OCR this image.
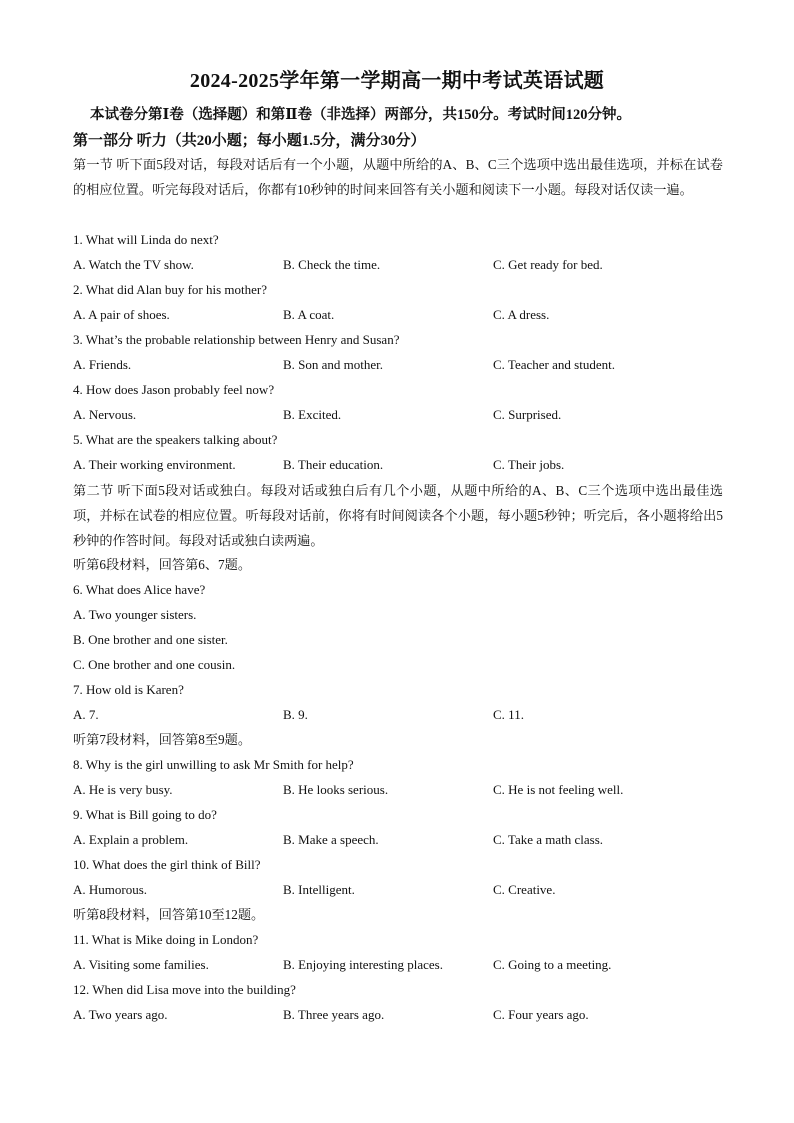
2024-2025学年第一学期高一期中考试英语试题
本试卷分第Ⅰ卷（选择题）和第Ⅱ卷（非选择）两部分，共150分。考试时间120分钟。
第一部分 听力（共20小题；每小题1.5分，满分30分）
第一节 听下面5段对话，每段对话后有一个小题，从题中所给的A、B、C三个选项中选出最佳选项，并标在试卷的相应位置。听完每段对话后，你都有10秒钟的时间来回答有关小题和阅读下一小题。每段对话仅读一遍。
1. What will Linda do next?
A. Watch the TV show.	B. Check the time.	C. Get ready for bed.
2. What did Alan buy for his mother?
A. A pair of shoes.	B. A coat.	C. A dress.
3. What’s the probable relationship between Henry and Susan?
A. Friends.	B. Son and mother.	C. Teacher and student.
4. How does Jason probably feel now?
A. Nervous.	B. Excited.	C. Surprised.
5. What are the speakers talking about?
A. Their working environment.	B. Their education.	C. Their jobs.
第二节 听下面5段对话或独白。每段对话或独白后有几个小题，从题中所给的A、B、C三个选项中选出最佳选项，并标在试卷的相应位置。听每段对话前，你将有时间阅读各个小题，每小题5秒钟；听完后，各小题将给出5秒钟的作答时间。每段对话或独白读两遍。
听第6段材料，回答第6、7题。
6. What does Alice have?
A. Two younger sisters.
B. One brother and one sister.
C. One brother and one cousin.
7. How old is Karen?
A. 7.	B. 9.	C. 11.
听第7段材料，回答第8至9题。
8. Why is the girl unwilling to ask Mr Smith for help?
A. He is very busy.	B. He looks serious.	C. He is not feeling well.
9. What is Bill going to do?
A. Explain a problem.	B. Make a speech.	C. Take a math class.
10. What does the girl think of Bill?
A. Humorous.	B. Intelligent.	C. Creative.
听第8段材料，回答第10至12题。
11. What is Mike doing in London?
A. Visiting some families.	B. Enjoying interesting places.	C. Going to a meeting.
12. When did Lisa move into the building?
A. Two years ago.	B. Three years ago.	C. Four years ago.
